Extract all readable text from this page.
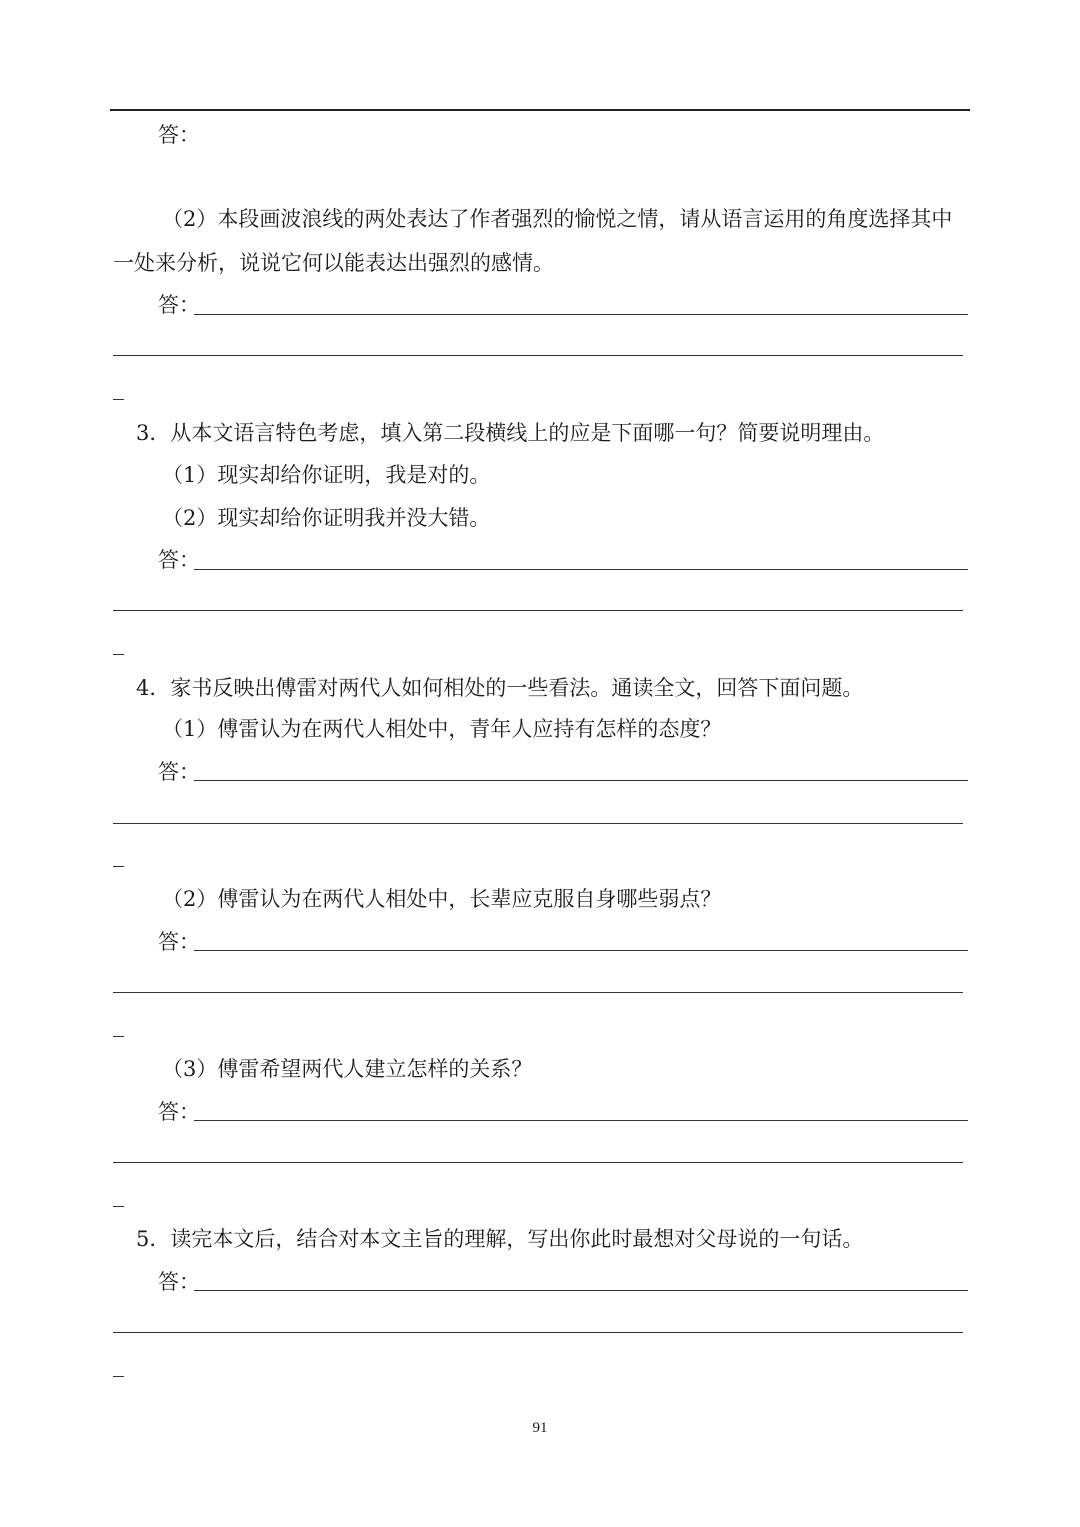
答：
（2）本段画波浪线的两处表达了作者强烈的愉悦之情，请从语言运用的角度选择其中
一处来分析，说说它何以能表达出强烈的感情。
答：
3．从本文语言特色考虑，填入第二段横线上的应是下面哪一句？简要说明理由。
（1）现实却给你证明，我是对的。
（2）现实却给你证明我并没大错。
答：
4．家书反映出傅雷对两代人如何相处的一些看法。通读全文，回答下面问题。
（1）傅雷认为在两代人相处中，青年人应持有怎样的态度？
答：
（2）傅雷认为在两代人相处中，长辈应克服自身哪些弱点？
答：
（3）傅雷希望两代人建立怎样的关系？
答：
5．读完本文后，结合对本文主旨的理解，写出你此时最想对父母说的一句话。
答：
91
